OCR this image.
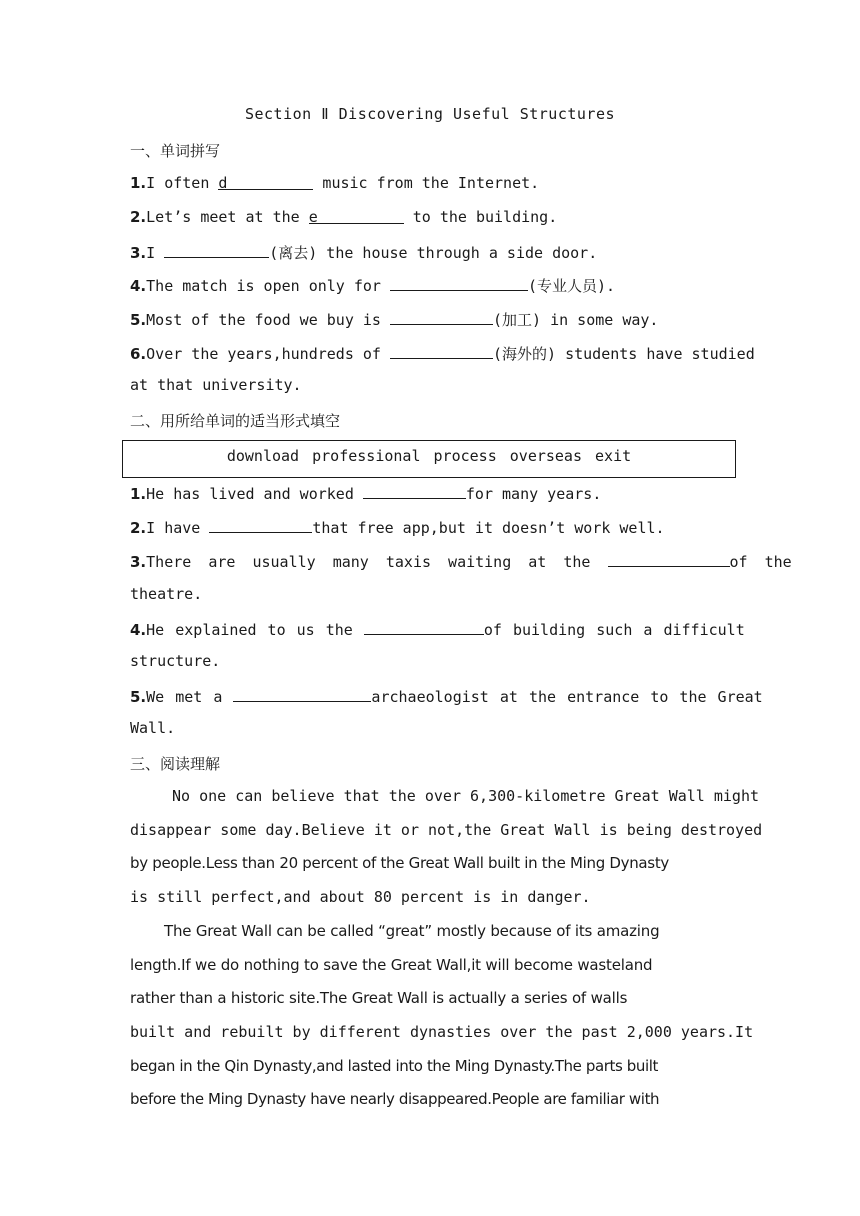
Section Ⅱ Discovering Useful Structures
一、单词拼写
1.I often d	music from the Internet.
2.Let’s meet at the e	to the building.
3.I	(离去) the house through a side door.
4.The match is open only for	(专业人员).
5.Most of the food we buy is	(加工) in some way.
6.Over the years,hundreds of	(海外的) students have studied
at that university.
二、用所给单词的适当形式填空
download professional process overseas exit
1.He has lived and worked	for many years.
2.I have	that free app,but it doesn’t work well.
3.There are usually many taxis waiting at the	of the
theatre.
4.He explained to us the	of building such a difficult
structure.
5.We met a	archaeologist at the entrance to the Great
Wall.
三、阅读理解
No one can believe that the over 6,300-kilometre Great Wall might
disappear some day.Believe it or not,the Great Wall is being destroyed
by people.Less than 20 percent of the Great Wall built in the Ming Dynasty
is still perfect,and about 80 percent is in danger.
The Great Wall can be called “great” mostly because of its amazing
length.If we do nothing to save the Great Wall,it will become wasteland
rather than a historic site.The Great Wall is actually a series of walls
built and rebuilt by different dynasties over the past 2,000 years.It
began in the Qin Dynasty,and lasted into the Ming Dynasty.The parts built
before the Ming Dynasty have nearly disappeared.People are familiar with
